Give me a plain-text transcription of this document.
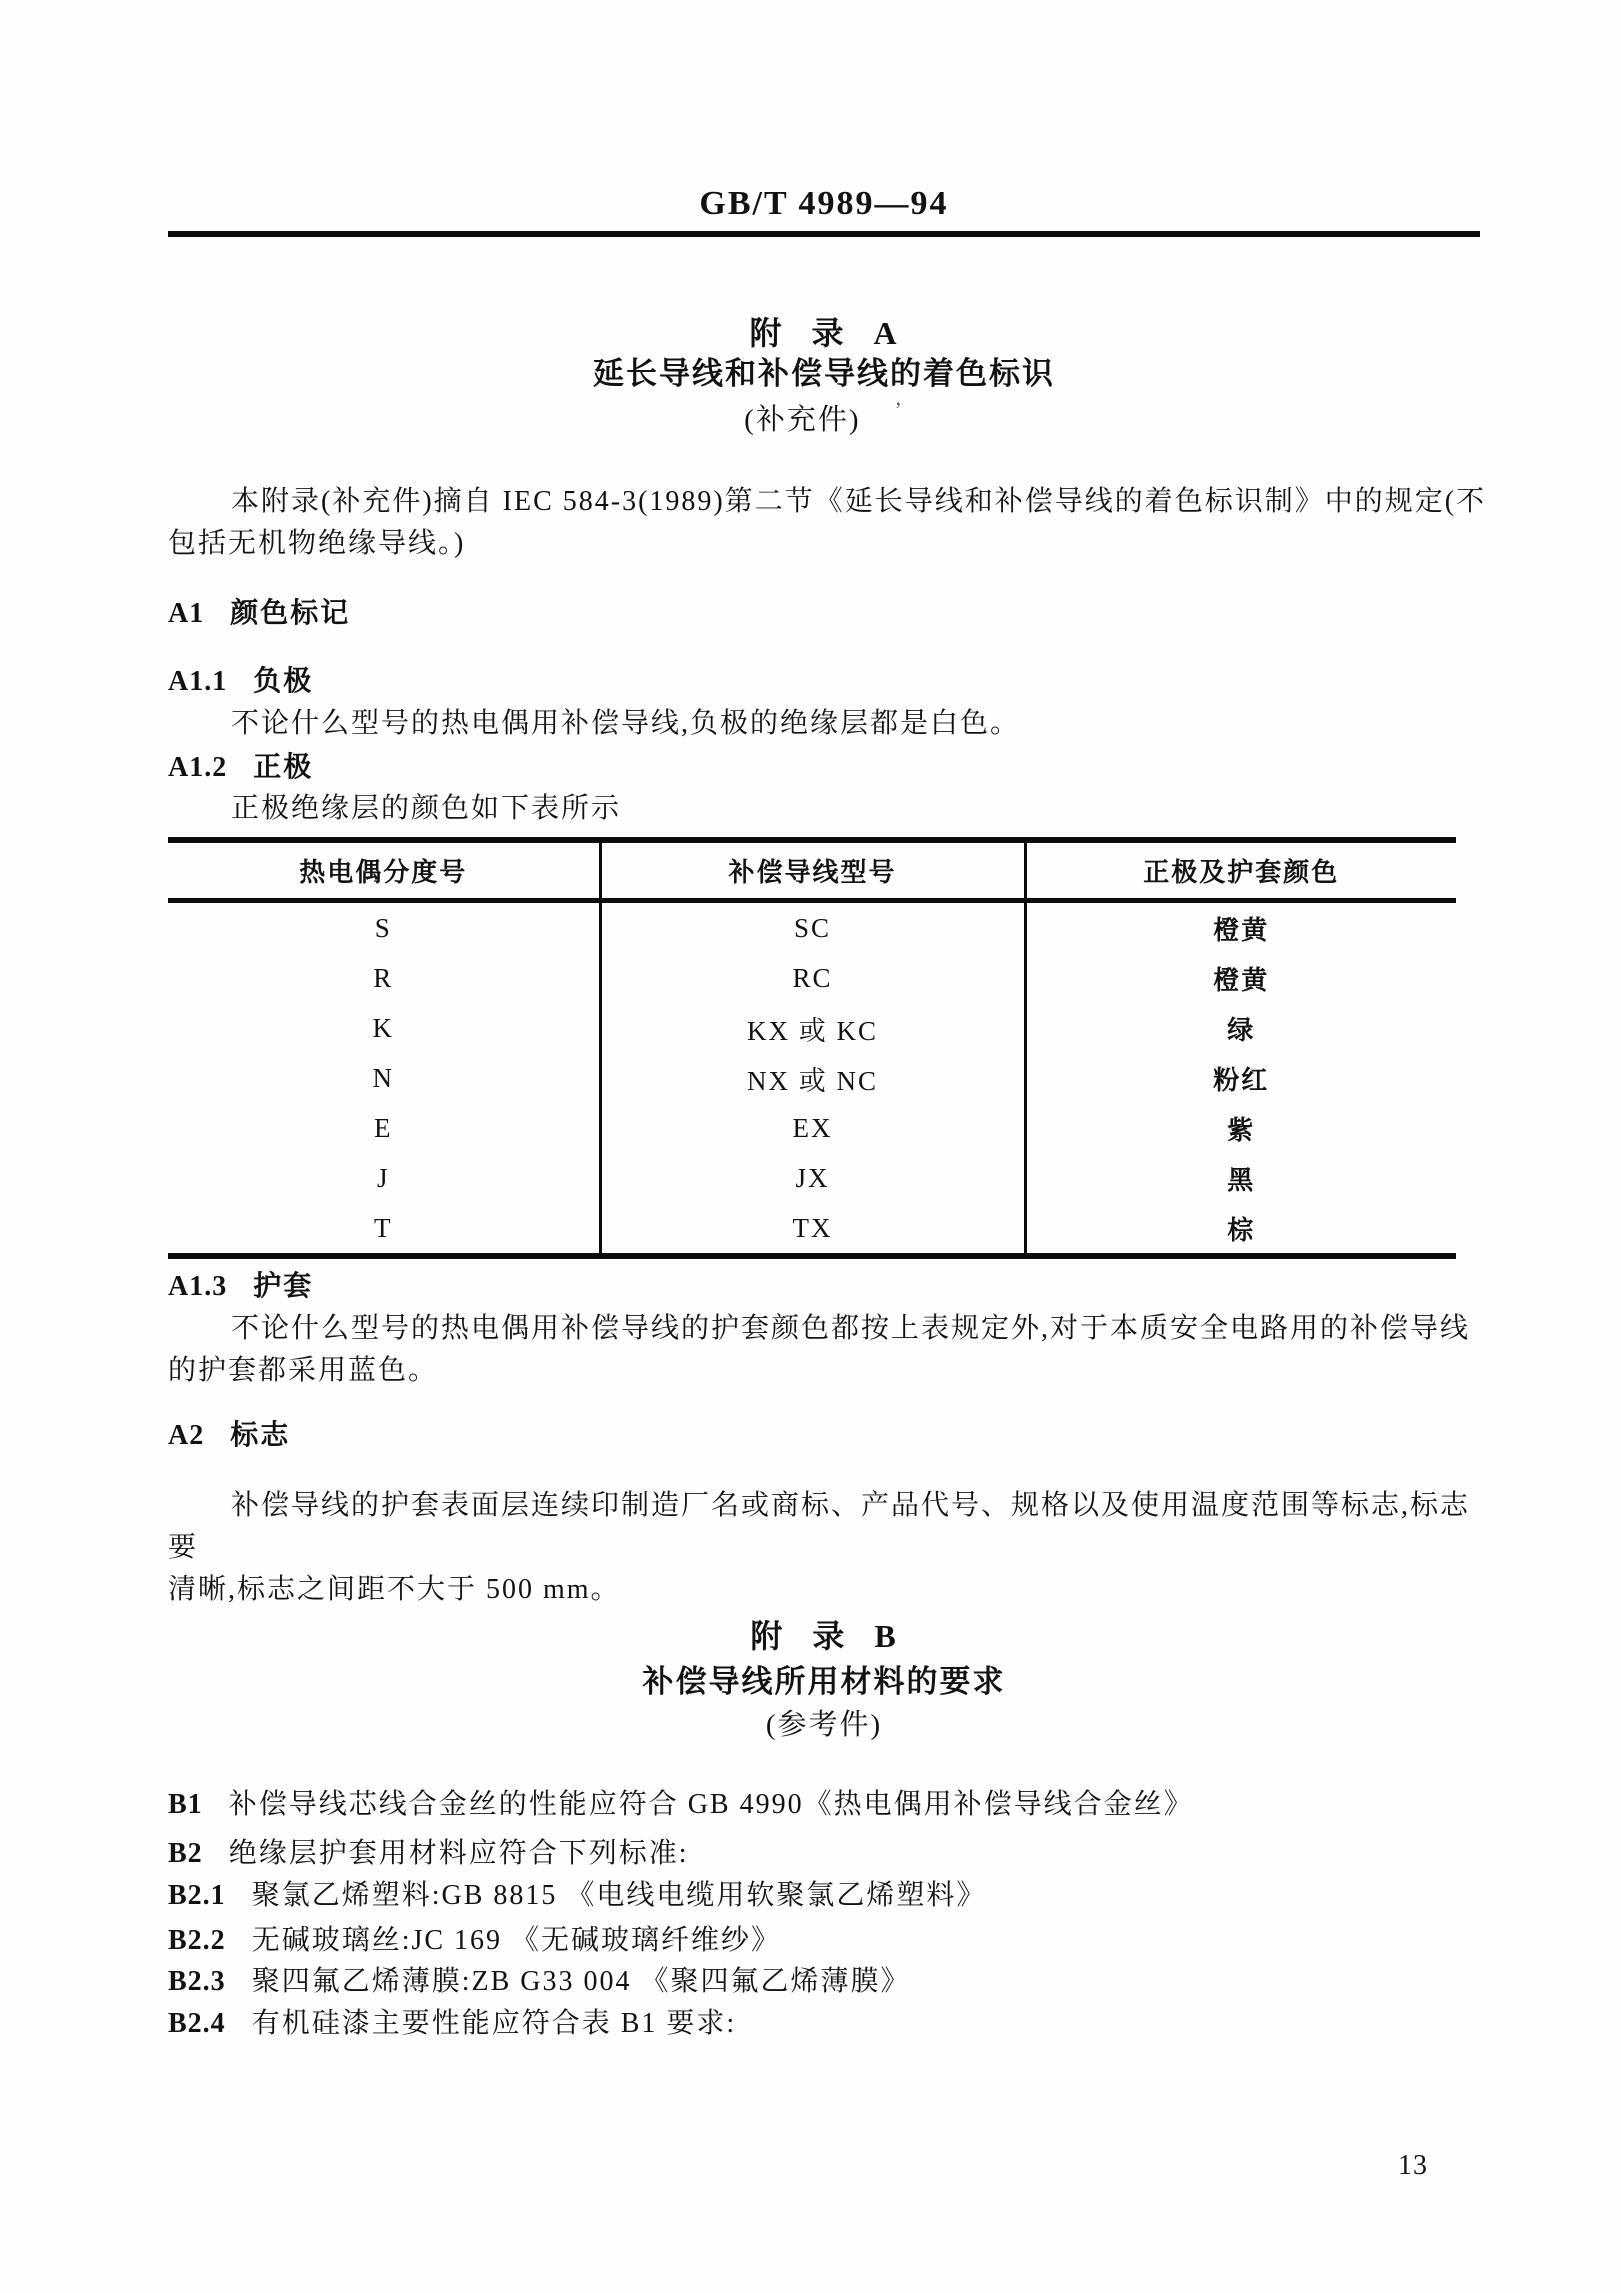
GB/T 4989—94
附 录 A
延长导线和补偿导线的着色标识
(补充件) ’
本附录(补充件)摘自 IEC 584-3(1989)第二节《延长导线和补偿导线的着色标识制》中的规定(不
包括无机物绝缘导线。)
A1 颜色标记
A1.1 负极
不论什么型号的热电偶用补偿导线,负极的绝缘层都是白色。
A1.2 正极
正极绝缘层的颜色如下表所示
热电偶分度号	补偿导线型号	正极及护套颜色
S	SC	橙黄
R	RC	橙黄
K	KX 或 KC	绿
N	NX 或 NC	粉红
E	EX	紫
J	JX	黑
T	TX	棕
A1.3 护套
不论什么型号的热电偶用补偿导线的护套颜色都按上表规定外,对于本质安全电路用的补偿导线
的护套都采用蓝色。
A2 标志
补偿导线的护套表面层连续印制造厂名或商标、产品代号、规格以及使用温度范围等标志,标志要
清晰,标志之间距不大于 500 mm。
附 录 B
补偿导线所用材料的要求
(参考件)
B1 补偿导线芯线合金丝的性能应符合 GB 4990《热电偶用补偿导线合金丝》
B2 绝缘层护套用材料应符合下列标准:
B2.1 聚氯乙烯塑料:GB 8815 《电线电缆用软聚氯乙烯塑料》
B2.2 无碱玻璃丝:JC 169 《无碱玻璃纤维纱》
B2.3 聚四氟乙烯薄膜:ZB G33 004 《聚四氟乙烯薄膜》
B2.4 有机硅漆主要性能应符合表 B1 要求:
13
